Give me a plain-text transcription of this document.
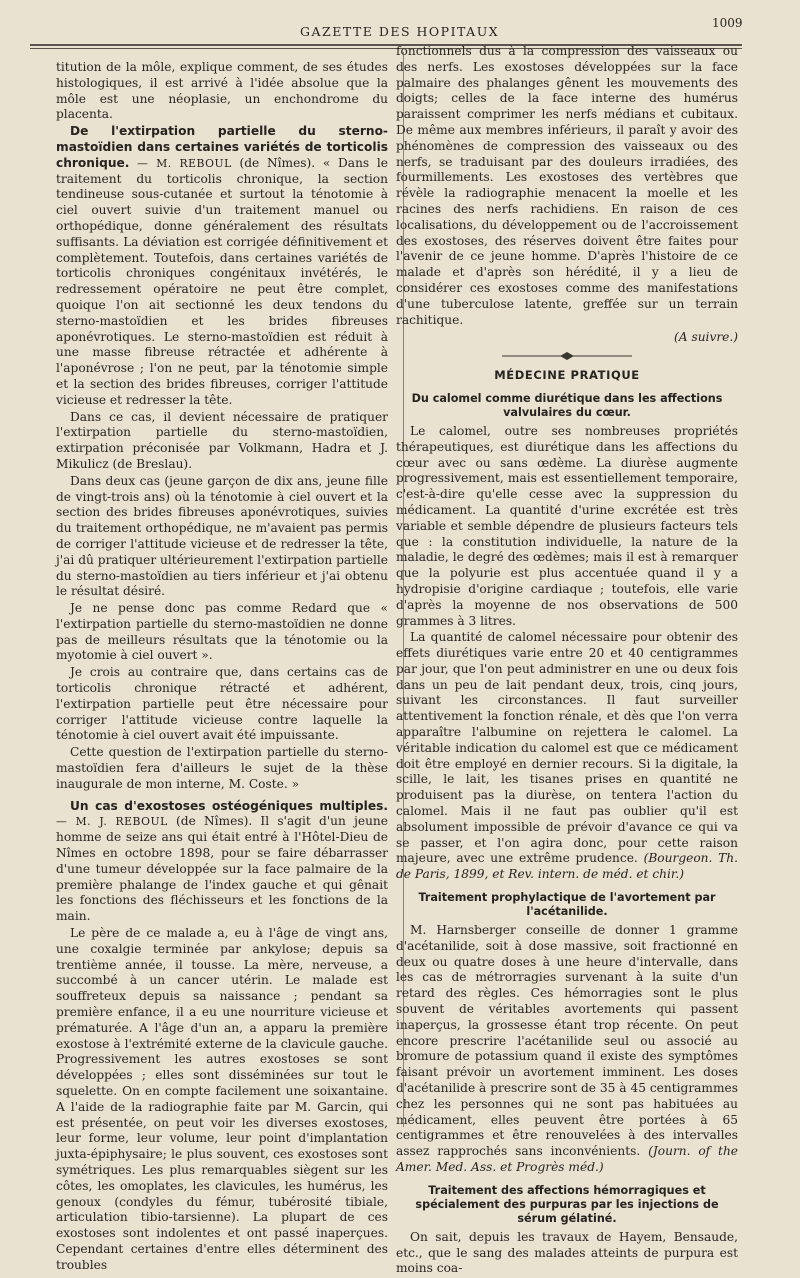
GAZETTE DES HOPITAUX
1009

titution de la môle, explique comment, de ses études histologiques, il est arrivé à l'idée absolue que la môle est une néoplasie, un enchondrome du placenta.

De l'extirpation partielle du sterno-mastoïdien dans certaines variétés de torticolis chronique. — M. REBOUL (de Nîmes). « Dans le traitement du torticolis chronique, la section tendineuse sous-cutanée et surtout la ténotomie à ciel ouvert suivie d'un traitement manuel ou orthopédique, donne généralement des résultats suffisants. La déviation est corrigée définitivement et complètement. Toutefois, dans certaines variétés de torticolis chroniques congénitaux invétérés, le redressement opératoire ne peut être complet, quoique l'on ait sectionné les deux tendons du sterno-mastoïdien et les brides fibreuses aponévrotiques. Le sterno-mastoïdien est réduit à une masse fibreuse rétractée et adhérente à l'aponévrose ; l'on ne peut, par la ténotomie simple et la section des brides fibreuses, corriger l'attitude vicieuse et redresser la tête.

Dans ce cas, il devient nécessaire de pratiquer l'extirpation partielle du sterno-mastoïdien, extirpation préconisée par Volkmann, Hadra et J. Mikulicz (de Breslau).

Dans deux cas (jeune garçon de dix ans, jeune fille de vingt-trois ans) où la ténotomie à ciel ouvert et la section des brides fibreuses aponévrotiques, suivies du traitement orthopédique, ne m'avaient pas permis de corriger l'attitude vicieuse et de redresser la tête, j'ai dû pratiquer ultérieurement l'extirpation partielle du sterno-mastoïdien au tiers inférieur et j'ai obtenu le résultat désiré.

Je ne pense donc pas comme Redard que « l'extirpation partielle du sterno-mastoïdien ne donne pas de meilleurs résultats que la ténotomie ou la myotomie à ciel ouvert ».

Je crois au contraire que, dans certains cas de torticolis chronique rétracté et adhérent, l'extirpation partielle peut être nécessaire pour corriger l'attitude vicieuse contre laquelle la ténotomie à ciel ouvert avait été impuissante.

Cette question de l'extirpation partielle du sterno-mastoïdien fera d'ailleurs le sujet de la thèse inaugurale de mon interne, M. Coste. »

Un cas d'exostoses ostéogéniques multiples. — M. J. REBOUL (de Nîmes). Il s'agit d'un jeune homme de seize ans qui était entré à l'Hôtel-Dieu de Nîmes en octobre 1898, pour se faire débarrasser d'une tumeur développée sur la face palmaire de la première phalange de l'index gauche et qui gênait les fonctions des fléchisseurs et les fonctions de la main.

Le père de ce malade a, eu à l'âge de vingt ans, une coxalgie terminée par ankylose; depuis sa trentième année, il tousse. La mère, nerveuse, a succombé à un cancer utérin. Le malade est souffreteux depuis sa naissance ; pendant sa première enfance, il a eu une nourriture vicieuse et prématurée. A l'âge d'un an, a apparu la première exostose à l'extrémité externe de la clavicule gauche. Progressivement les autres exostoses se sont développées ; elles sont disséminées sur tout le squelette. On en compte facilement une soixantaine. A l'aide de la radiographie faite par M. Garcin, qui est présentée, on peut voir les diverses exostoses, leur forme, leur volume, leur point d'implantation juxta-épiphysaire; le plus souvent, ces exostoses sont symétriques. Les plus remarquables siègent sur les côtes, les omoplates, les clavicules, les humérus, les genoux (condyles du fémur, tubérosité tibiale, articulation tibio-tarsienne). La plupart de ces exostoses sont indolentes et ont passé inaperçues. Cependant certaines d'entre elles déterminent des troubles

fonctionnels dus à la compression des vaisseaux ou des nerfs. Les exostoses développées sur la face palmaire des phalanges gênent les mouvements des doigts; celles de la face interne des humérus paraissent comprimer les nerfs médians et cubitaux. De même aux membres inférieurs, il paraît y avoir des phénomènes de compression des vaisseaux ou des nerfs, se traduisant par des douleurs irradiées, des fourmillements. Les exostoses des vertèbres que révèle la radiographie menacent la moelle et les racines des nerfs rachidiens. En raison de ces localisations, du développement ou de l'accroissement des exostoses, des réserves doivent être faites pour l'avenir de ce jeune homme. D'après l'histoire de ce malade et d'après son hérédité, il y a lieu de considérer ces exostoses comme des manifestations d'une tuberculose latente, greffée sur un terrain rachitique.

(A suivre.)
MÉDECINE PRATIQUE
Du calomel comme diurétique dans les affections valvulaires du cœur.

Le calomel, outre ses nombreuses propriétés thérapeutiques, est diurétique dans les affections du cœur avec ou sans œdème. La diurèse augmente progressivement, mais est essentiellement temporaire, c'est-à-dire qu'elle cesse avec la suppression du médicament. La quantité d'urine excrétée est très variable et semble dépendre de plusieurs facteurs tels que : la constitution individuelle, la nature de la maladie, le degré des œdèmes; mais il est à remarquer que la polyurie est plus accentuée quand il y a hydropisie d'origine cardiaque ; toutefois, elle varie d'après la moyenne de nos observations de 500 grammes à 3 litres.

La quantité de calomel nécessaire pour obtenir des effets diurétiques varie entre 20 et 40 centigrammes par jour, que l'on peut administrer en une ou deux fois dans un peu de lait pendant deux, trois, cinq jours, suivant les circonstances. Il faut surveiller attentivement la fonction rénale, et dès que l'on verra apparaître l'albumine on rejettera le calomel. La véritable indication du calomel est que ce médicament doit être employé en dernier recours. Si la digitale, la scille, le lait, les tisanes prises en quantité ne produisent pas la diurèse, on tentera l'action du calomel. Mais il ne faut pas oublier qu'il est absolument impossible de prévoir d'avance ce qui va se passer, et l'on agira donc, pour cette raison majeure, avec une extrême prudence. (Bourgeon. Th. de Paris, 1899, et Rev. intern. de méd. et chir.)

Traitement prophylactique de l'avortement par l'acétanilide.

M. Harnsberger conseille de donner 1 gramme d'acétanilide, soit à dose massive, soit fractionné en deux ou quatre doses à une heure d'intervalle, dans les cas de métrorragies survenant à la suite d'un retard des règles. Ces hémorragies sont le plus souvent de véritables avortements qui passent inaperçus, la grossesse étant trop récente. On peut encore prescrire l'acétanilide seul ou associé au bromure de potassium quand il existe des symptômes faisant prévoir un avortement imminent. Les doses d'acétanilide à prescrire sont de 35 à 45 centigrammes chez les personnes qui ne sont pas habituées au médicament, elles peuvent être portées à 65 centigrammes et être renouvelées à des intervalles assez rapprochés sans inconvénients. (Journ. of the Amer. Med. Ass. et Progrès méd.)

Traitement des affections hémorragiques et spécialement des purpuras par les injections de sérum gélatiné.

On sait, depuis les travaux de Hayem, Bensaude, etc., que le sang des malades atteints de purpura est moins coa-
